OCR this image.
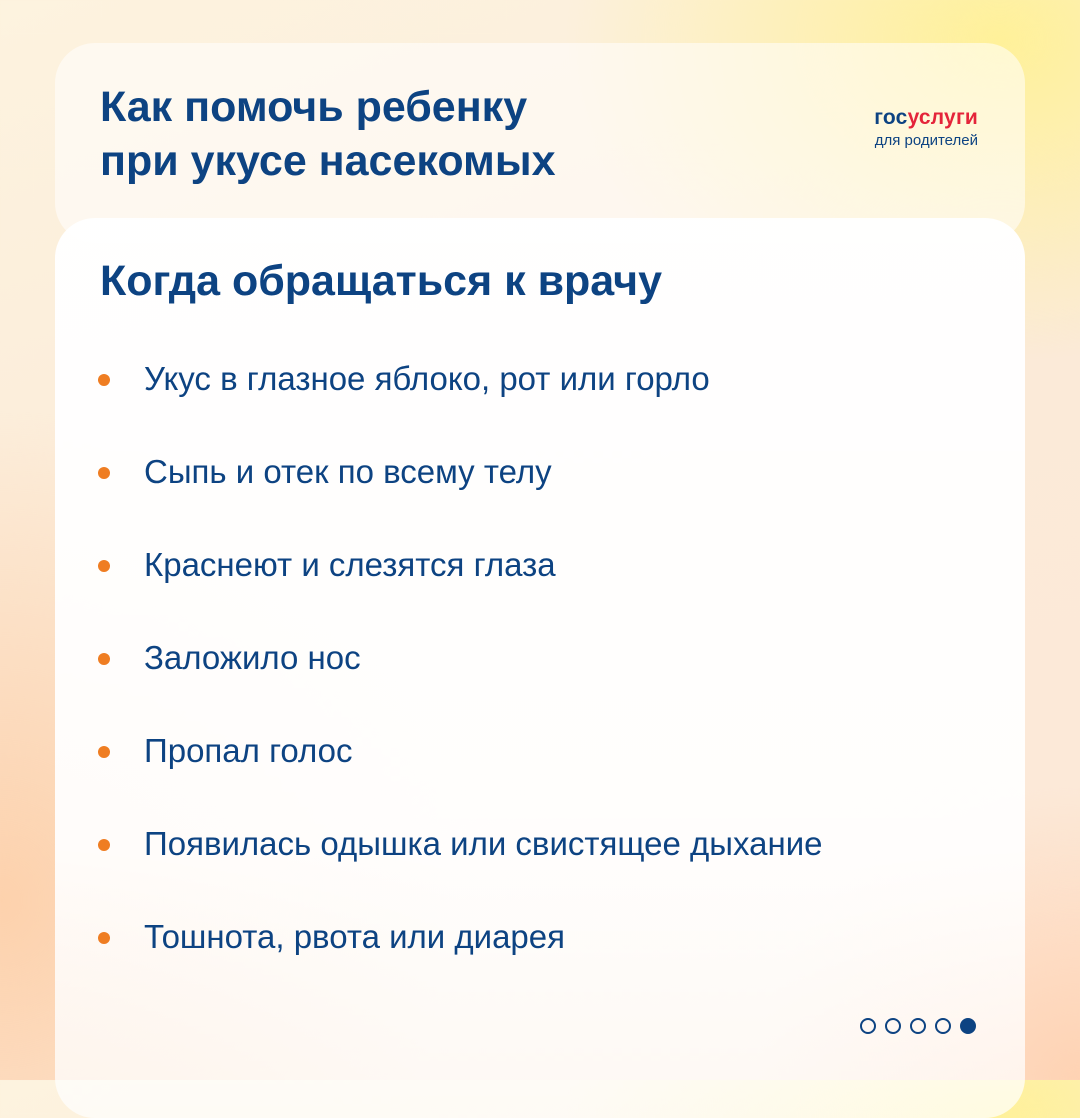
Как помочь ребенку
при укусе насекомых
госуслуги
для родителей
Когда обращаться к врачу
Укус в глазное яблоко, рот или горло
Сыпь и отек по всему телу
Краснеют и слезятся глаза
Заложило нос
Пропал голос
Появилась одышка или свистящее дыхание
Тошнота, рвота или диарея
